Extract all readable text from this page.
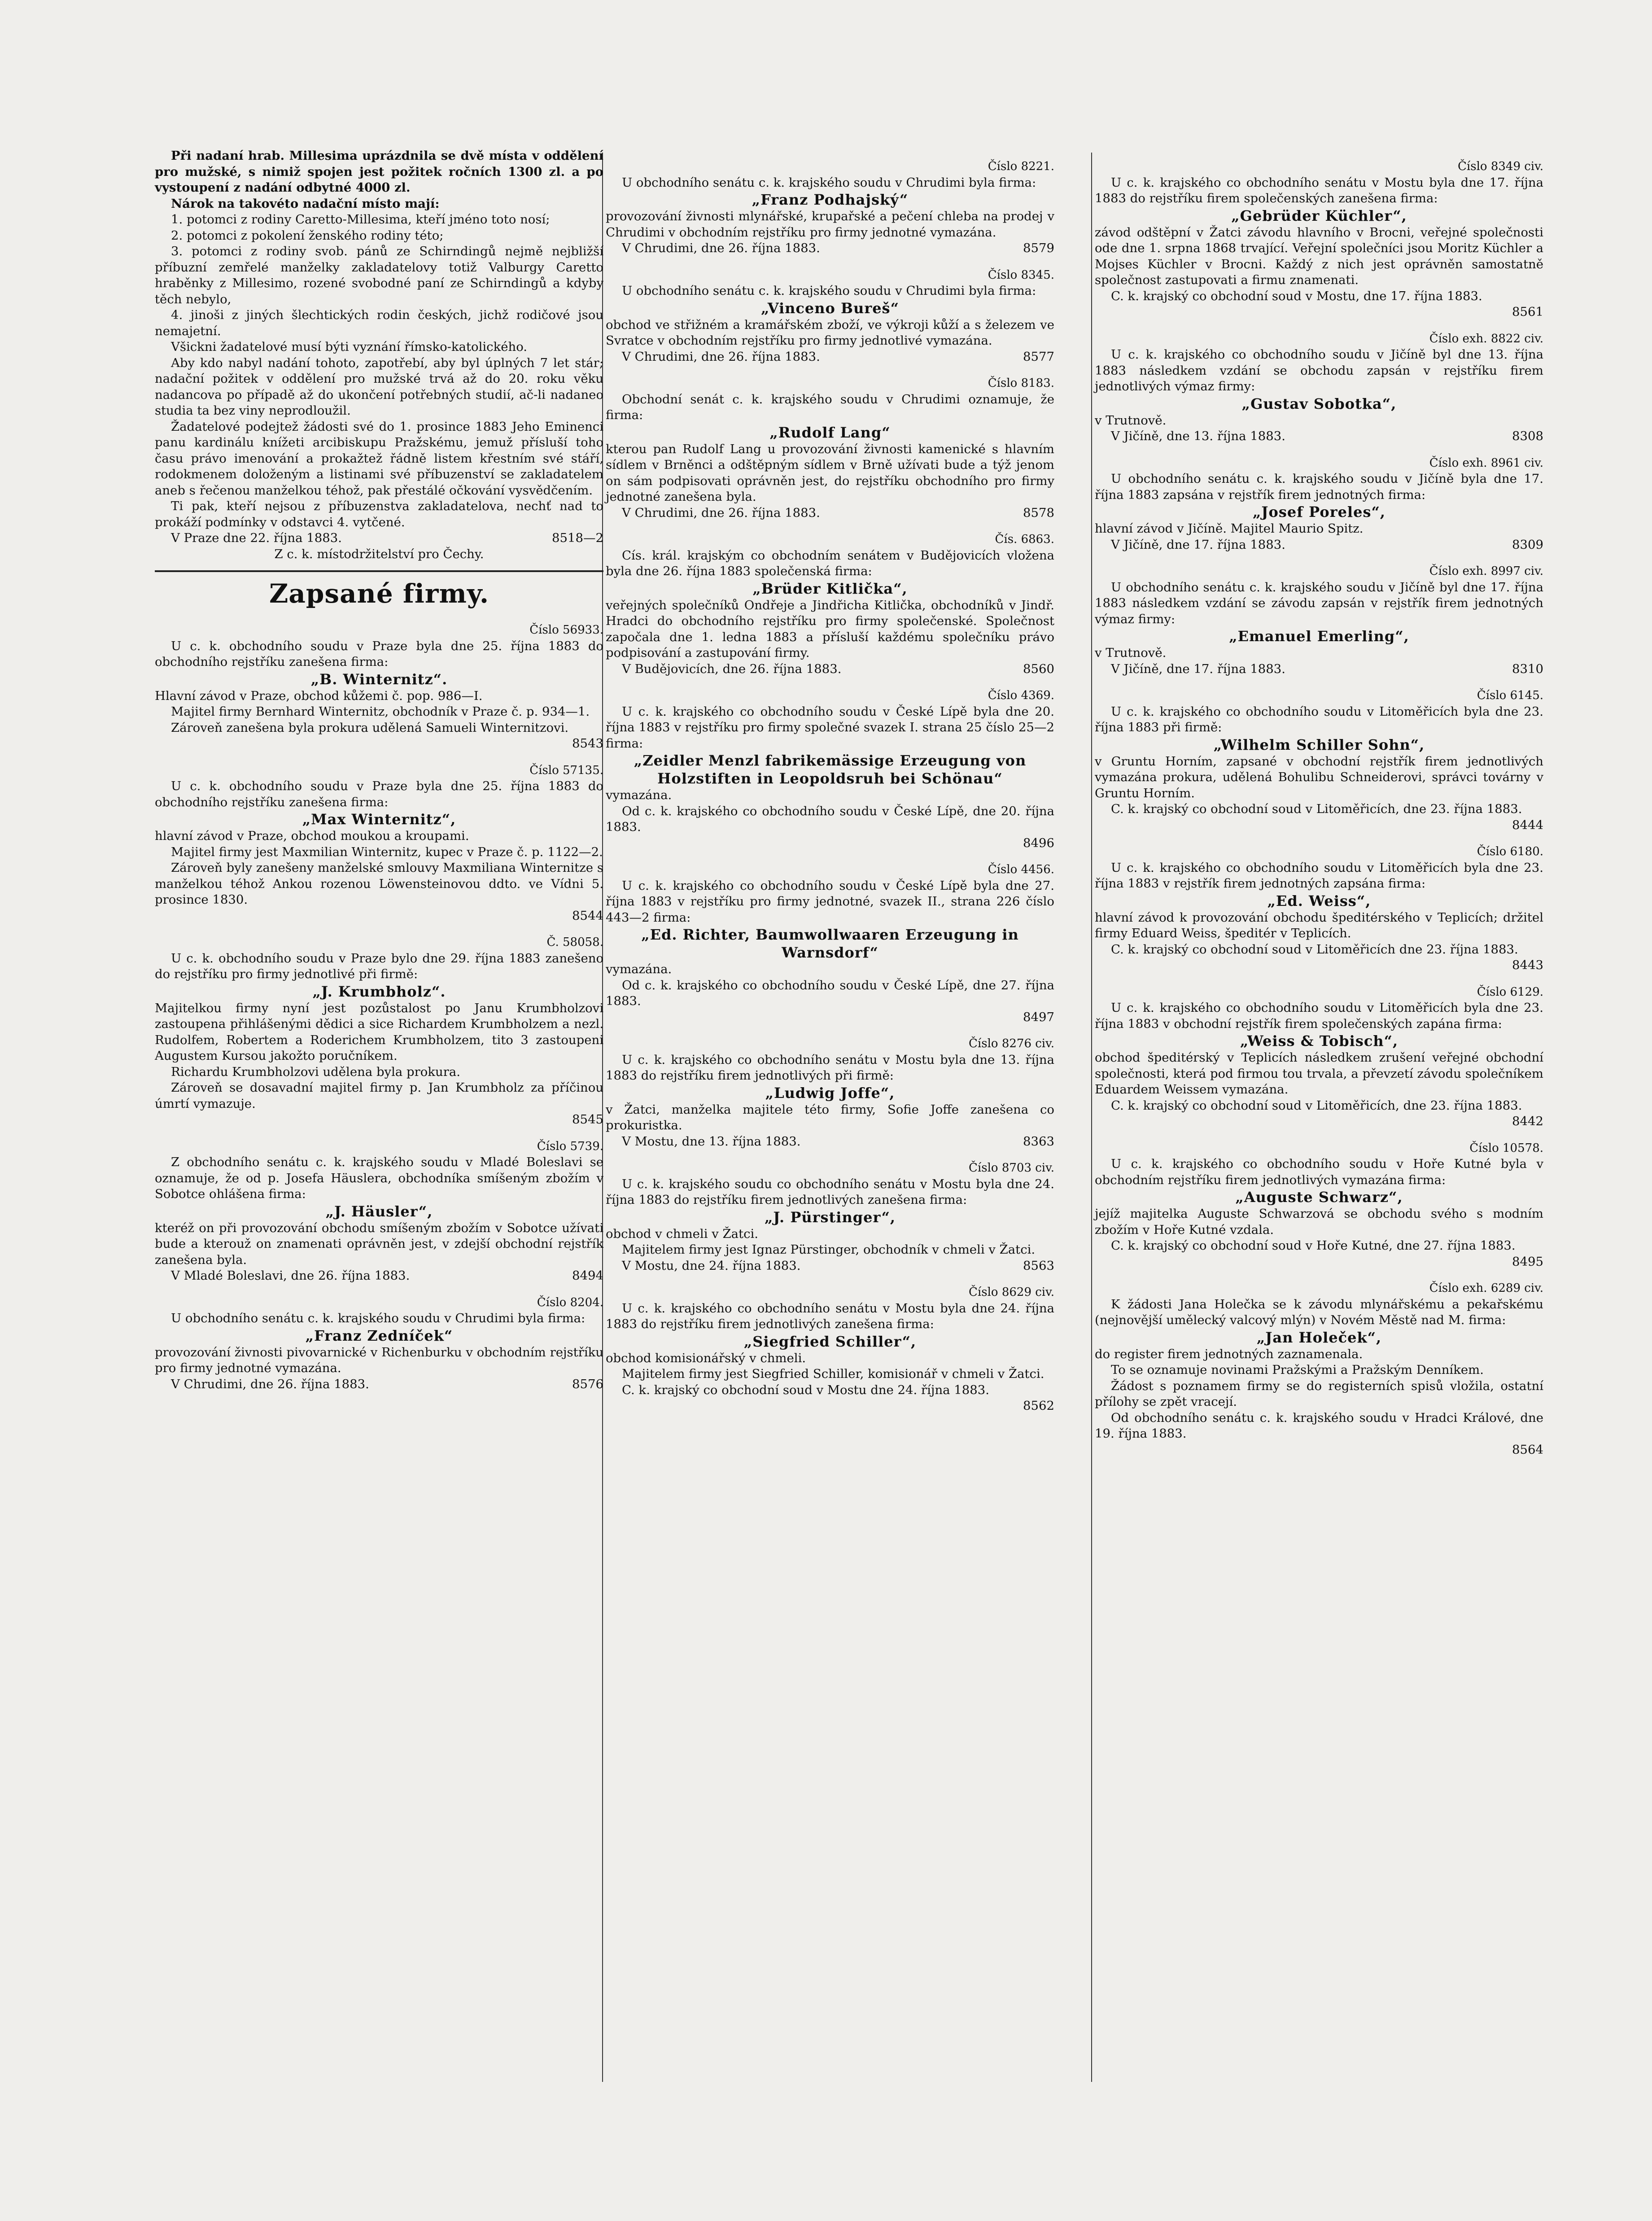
Při nadaní hrab. Millesima uprázdnila se dvě místa v oddělení pro mužské, s nimiž spojen jest požitek ročních 1300 zl. a po vystoupení z nadání odbytné 4000 zl.

Nárok na takovéto nadační místo mají:

1. potomci z rodiny Caretto-Millesima, kteří jméno toto nosí;

2. potomci z pokolení ženského rodiny této;

3. potomci z rodiny svob. pánů ze Schirndingů nejmě nejbližší příbuzní zemřelé manželky zakladatelovy totiž Valburgy Caretto hraběnky z Millesimo, rozené svobodné paní ze Schirndingů a kdyby těch nebylo,

4. jinoši z jiných šlechtických rodin českých, jichž rodičové jsou nemajetní.

Všickni žadatelové musí býti vyznání římsko-katolického.

Aby kdo nabyl nadání tohoto, zapotřebí, aby byl úplných 7 let stár; nadační požitek v oddělení pro mužské trvá až do 20. roku věku nadancova po případě až do ukončení potřebných studií, ač-li nadaneo studia ta bez viny neprodloužil.

Žadatelové podejtež žádosti své do 1. prosince 1883 Jeho Eminenci panu kardinálu knížeti arcibiskupu Pražskému, jemuž přísluší toho času právo imenování a prokažtež řádně listem křestním své stáří, rodokmenem doloženým a listinami své příbuzenství se zakladatelem aneb s řečenou manželkou téhož, pak přestálé očkování vysvědčením.

Ti pak, kteří nejsou z příbuzenstva zakladatelova, nechť nad to prokáží podmínky v odstavci 4. vytčené.

V Praze dne 22. října 1883.	8518—2

Z c. k. místodržitelství pro Čechy.

Zapsané firmy.

Číslo 56933.

U c. k. obchodního soudu v Praze byla dne 25. října 1883 do obchodního rejstříku zanešena firma:

„B. Winternitz“.

Hlavní závod v Praze, obchod kůžemi č. pop. 986—I.

Majitel firmy Bernhard Winternitz, obchodník v Praze č. p. 934—1.

Zároveň zanešena byla prokura udělená Samueli Winternitzovi.

8543

Číslo 57135.

U c. k. obchodního soudu v Praze byla dne 25. října 1883 do obchodního rejstříku zanešena firma:

„Max Winternitz“,

hlavní závod v Praze, obchod moukou a kroupami.

Majitel firmy jest Maxmilian Winternitz, kupec v Praze č. p. 1122—2.

Zároveň byly zanešeny manželské smlouvy Maxmiliana Winternitze s manželkou téhož Ankou rozenou Löwensteinovou ddto. ve Vídni 5. prosince 1830.

8544

Č. 58058.

U c. k. obchodního soudu v Praze bylo dne 29. října 1883 zanešeno do rejstříku pro firmy jednotlivé při firmě:

„J. Krumbholz“.

Majitelkou firmy nyní jest pozůstalost po Janu Krumbholzovi zastoupena přihlášenými dědici a sice Richardem Krumbholzem a nezl. Rudolfem, Robertem a Roderichem Krumbholzem, tito 3 zastoupeni Augustem Kursou jakožto poručníkem.

Richardu Krumbholzovi udělena byla prokura.

Zároveň se dosavadní majitel firmy p. Jan Krumbholz za příčinou úmrtí vymazuje.

8545

Číslo 5739.

Z obchodního senátu c. k. krajského soudu v Mladé Boleslavi se oznamuje, že od p. Josefa Häuslera, obchodníka smíšeným zbožím v Sobotce ohlášena firma:

„J. Häusler“,

kteréž on při provozování obchodu smíšeným zbožím v Sobotce užívati bude a kterouž on znamenati oprávněn jest, v zdejší obchodní rejstřík zanešena byla.

V Mladé Boleslavi, dne 26. října 1883.	8494

Číslo 8204.

U obchodního senátu c. k. krajského soudu v Chrudimi byla firma:

„Franz Zedníček“

provozování živnosti pivovarnické v Richenburku v obchodním rejstříku pro firmy jednotné vymazána.

V Chrudimi, dne 26. října 1883.	8576

Číslo 8221.

U obchodního senátu c. k. krajského soudu v Chrudimi byla firma:

„Franz Podhajský“

provozování živnosti mlynářské, krupařské a pečení chleba na prodej v Chrudimi v obchodním rejstříku pro firmy jednotné vymazána.

V Chrudimi, dne 26. října 1883.	8579

Číslo 8345.

U obchodního senátu c. k. krajského soudu v Chrudimi byla firma:

„Vinceno Bureš“

obchod ve střižném a kramářském zboží, ve výkroji kůží a s železem ve Svratce v obchodním rejstříku pro firmy jednotlivé vymazána.

V Chrudimi, dne 26. října 1883.	8577

Číslo 8183.

Obchodní senát c. k. krajského soudu v Chrudimi oznamuje, že firma:

„Rudolf Lang“

kterou pan Rudolf Lang u provozování živnosti kamenické s hlavním sídlem v Brněnci a odštěpným sídlem v Brně užívati bude a týž jenom on sám podpisovati oprávněn jest, do rejstříku obchodního pro firmy jednotné zanešena byla.

V Chrudimi, dne 26. října 1883.	8578

Čís. 6863.

Cís. král. krajským co obchodním senátem v Budějovicích vložena byla dne 26. října 1883 společenská firma:

„Brüder Kitlička“,

veřejných společníků Ondřeje a Jindřicha Kitlička, obchodníků v Jindř. Hradci do obchodního rejstříku pro firmy společenské. Společnost započala dne 1. ledna 1883 a přísluší každému společníku právo podpisování a zastupování firmy.

V Budějovicích, dne 26. října 1883.	8560

Číslo 4369.

U c. k. krajského co obchodního soudu v České Lípě byla dne 20. října 1883 v rejstříku pro firmy společné svazek I. strana 25 číslo 25—2 firma:

„Zeidler Menzl fabrikemässige Erzeugung von Holzstiften in Leopoldsruh bei Schönau“

vymazána.

Od c. k. krajského co obchodního soudu v České Lípě, dne 20. října 1883.

8496

Číslo 4456.

U c. k. krajského co obchodního soudu v České Lípě byla dne 27. října 1883 v rejstříku pro firmy jednotné, svazek II., strana 226 číslo 443—2 firma:

„Ed. Richter, Baumwollwaaren Erzeugung in Warnsdorf“

vymazána.

Od c. k. krajského co obchodního soudu v České Lípě, dne 27. října 1883.

8497

Číslo 8276 civ.

U c. k. krajského co obchodního senátu v Mostu byla dne 13. října 1883 do rejstříku firem jednotlivých při firmě:

„Ludwig Joffe“,

v Žatci, manželka majitele této firmy, Sofie Joffe zanešena co prokuristka.

V Mostu, dne 13. října 1883.	8363

Číslo 8703 civ.

U c. k. krajského soudu co obchodního senátu v Mostu byla dne 24. října 1883 do rejstříku firem jednotlivých zanešena firma:

„J. Pürstinger“,

obchod v chmeli v Žatci.

Majitelem firmy jest Ignaz Pürstinger, obchodník v chmeli v Žatci.

V Mostu, dne 24. října 1883.	8563

Číslo 8629 civ.

U c. k. krajského co obchodního senátu v Mostu byla dne 24. října 1883 do rejstříku firem jednotlivých zanešena firma:

„Siegfried Schiller“,

obchod komisionářský v chmeli.

Majitelem firmy jest Siegfried Schiller, komisionář v chmeli v Žatci.

C. k. krajský co obchodní soud v Mostu dne 24. října 1883.

8562

Číslo 8349 civ.

U c. k. krajského co obchodního senátu v Mostu byla dne 17. října 1883 do rejstříku firem společenských zanešena firma:

„Gebrüder Küchler“,

závod odštěpní v Žatci závodu hlavního v Brocni, veřejné společnosti ode dne 1. srpna 1868 trvající. Veřejní společníci jsou Moritz Küchler a Mojses Küchler v Brocni. Každý z nich jest oprávněn samostatně společnost zastupovati a firmu znamenati.

C. k. krajský co obchodní soud v Mostu, dne 17. října 1883.

8561

Číslo exh. 8822 civ.

U c. k. krajského co obchodního soudu v Jičíně byl dne 13. října 1883 následkem vzdání se obchodu zapsán v rejstříku firem jednotlivých výmaz firmy:

„Gustav Sobotka“,

v Trutnově.

V Jičíně, dne 13. října 1883.	8308

Číslo exh. 8961 civ.

U obchodního senátu c. k. krajského soudu v Jičíně byla dne 17. října 1883 zapsána v rejstřík firem jednotných firma:

„Josef Poreles“,

hlavní závod v Jičíně. Majitel Maurio Spitz.

V Jičíně, dne 17. října 1883.	8309

Číslo exh. 8997 civ.

U obchodního senátu c. k. krajského soudu v Jičíně byl dne 17. října 1883 následkem vzdání se závodu zapsán v rejstřík firem jednotných výmaz firmy:

„Emanuel Emerling“,

v Trutnově.

V Jičíně, dne 17. října 1883.	8310

Číslo 6145.

U c. k. krajského co obchodního soudu v Litoměřicích byla dne 23. října 1883 při firmě:

„Wilhelm Schiller Sohn“,

v Gruntu Horním, zapsané v obchodní rejstřík firem jednotlivých vymazána prokura, udělená Bohulibu Schneiderovi, správci továrny v Gruntu Horním.

C. k. krajský co obchodní soud v Litoměřicích, dne 23. října 1883.

8444

Číslo 6180.

U c. k. krajského co obchodního soudu v Litoměřicích byla dne 23. října 1883 v rejstřík firem jednotných zapsána firma:

„Ed. Weiss“,

hlavní závod k provozování obchodu špeditérského v Teplicích; držitel firmy Eduard Weiss, špeditér v Teplicích.

C. k. krajský co obchodní soud v Litoměřicích dne 23. října 1883.

8443

Číslo 6129.

U c. k. krajského co obchodního soudu v Litoměřicích byla dne 23. října 1883 v obchodní rejstřík firem společenských zapána firma:

„Weiss & Tobisch“,

obchod špeditérský v Teplicích následkem zrušení veřejné obchodní společnosti, která pod firmou tou trvala, a převzetí závodu společníkem Eduardem Weissem vymazána.

C. k. krajský co obchodní soud v Litoměřicích, dne 23. října 1883.

8442

Číslo 10578.

U c. k. krajského co obchodního soudu v Hoře Kutné byla v obchodním rejstříku firem jednotlivých vymazána firma:

„Auguste Schwarz“,

jejíž majitelka Auguste Schwarzová se obchodu svého s modním zbožím v Hoře Kutné vzdala.

C. k. krajský co obchodní soud v Hoře Kutné, dne 27. října 1883.

8495

Číslo exh. 6289 civ.

K žádosti Jana Holečka se k závodu mlynářskému a pekařskému (nejnovější umělecký valcový mlýn) v Novém Městě nad M. firma:

„Jan Holeček“,

do register firem jednotných zaznamenala.

To se oznamuje novinami Pražskými a Pražským Denníkem.

Žádost s poznamem firmy se do registerních spisů vložila, ostatní přílohy se zpět vracejí.

Od obchodního senátu c. k. krajského soudu v Hradci Králové, dne 19. října 1883.

8564
